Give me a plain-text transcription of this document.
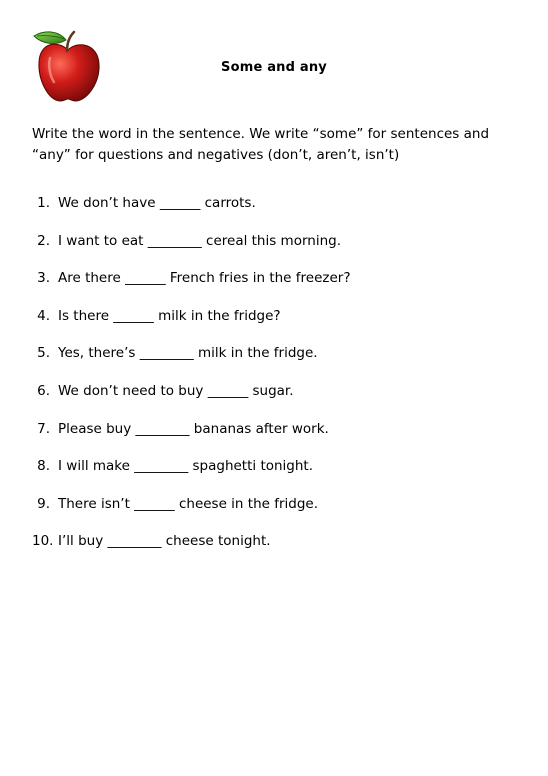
Some and any
Write the word in the sentence. We write “some” for sentences and
“any” for questions and negatives (don’t, aren’t, isn’t)
1. We don’t have ______ carrots.
2. I want to eat ________ cereal this morning.
3. Are there ______ French fries in the freezer?
4. Is there ______ milk in the fridge?
5. Yes, there’s ________ milk in the fridge.
6. We don’t need to buy ______ sugar.
7. Please buy ________ bananas after work.
8. I will make ________ spaghetti tonight.
9. There isn’t ______ cheese in the fridge.
10. I’ll buy ________ cheese tonight.
